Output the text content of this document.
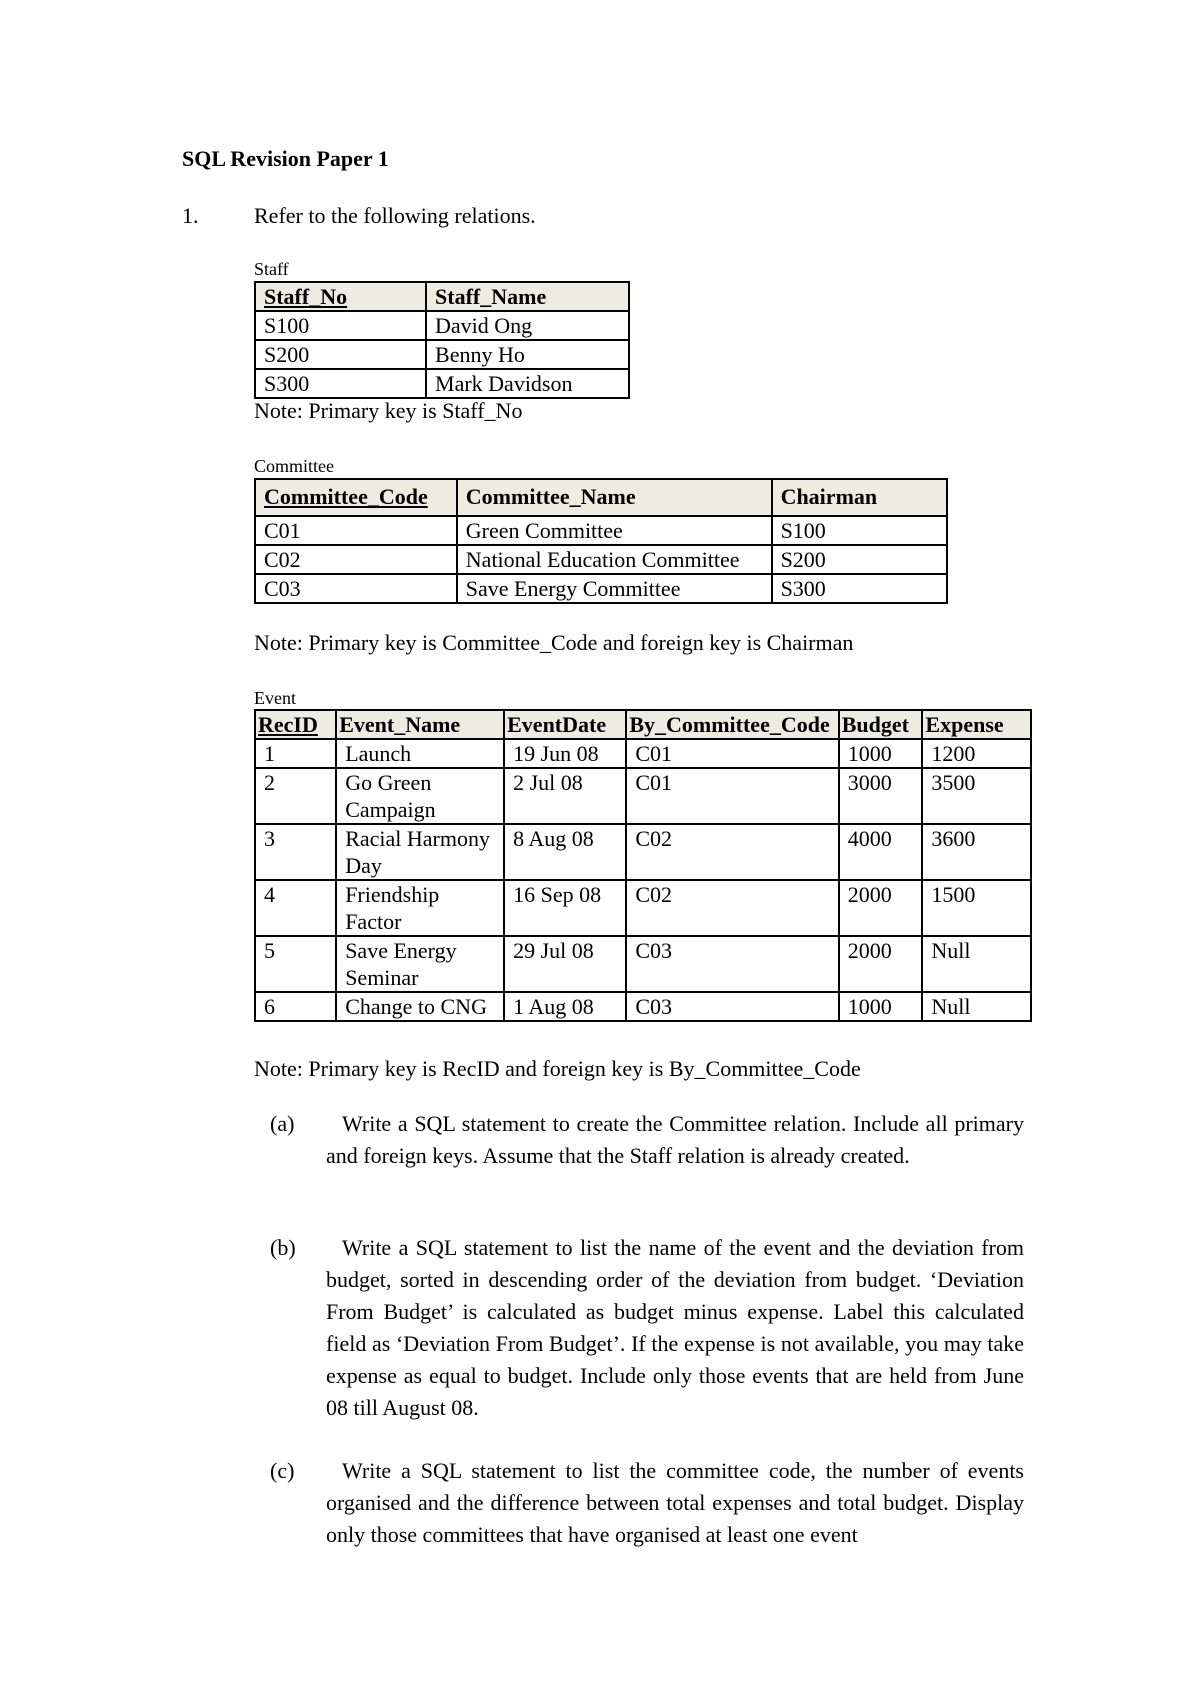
SQL Revision Paper 1
1.	Refer to the following relations.
Staff
Staff_No	Staff_Name
S100	David Ong
S200	Benny Ho
S300	Mark Davidson
Note: Primary key is Staff_No
Committee
Committee_Code	Committee_Name	Chairman
C01	Green Committee	S100
C02	National Education Committee	S200
C03	Save Energy Committee	S300
Note: Primary key is Committee_Code and foreign key is Chairman
Event
RecID	Event_Name	EventDate	By_Committee_Code	Budget	Expense
1	Launch	19 Jun 08	C01	1000	1200
2	Go Green Campaign	2 Jul 08	C01	3000	3500
3	Racial Harmony Day	8 Aug 08	C02	4000	3600
4	Friendship Factor	16 Sep 08	C02	2000	1500
5	Save Energy Seminar	29 Jul 08	C03	2000	Null
6	Change to CNG	1 Aug 08	C03	1000	Null
Note: Primary key is RecID and foreign key is By_Committee_Code
(a) Write a SQL statement to create the Committee relation. Include all primary and foreign keys. Assume that the Staff relation is already created.
(b) Write a SQL statement to list the name of the event and the deviation from budget, sorted in descending order of the deviation from budget. ‘Deviation From Budget’ is calculated as budget minus expense. Label this calculated field as ‘Deviation From Budget’. If the expense is not available, you may take expense as equal to budget. Include only those events that are held from June 08 till August 08.
(c) Write a SQL statement to list the committee code, the number of events organised and the difference between total expenses and total budget. Display only those committees that have organised at least one event
